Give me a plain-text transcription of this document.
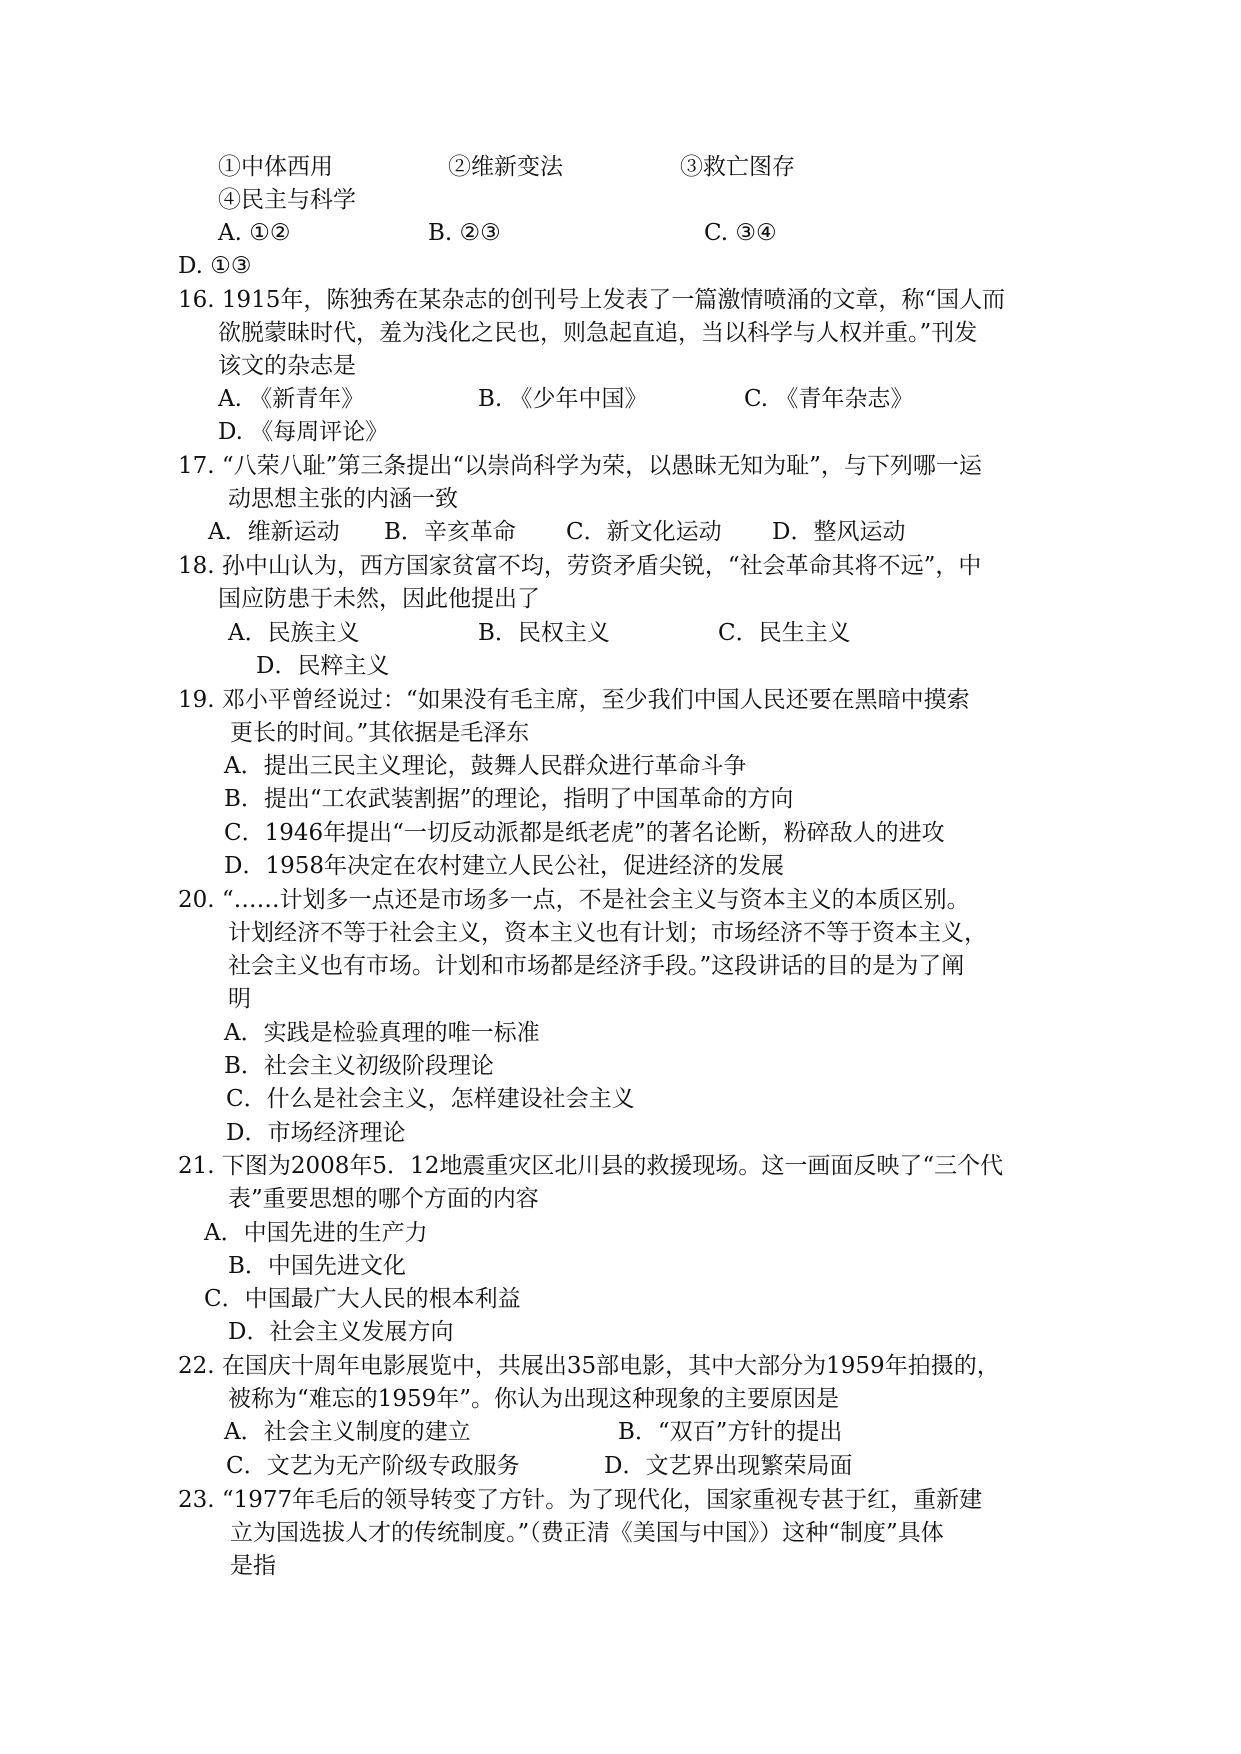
①中体西用	②维新变法	③救亡图存
④民主与科学
A. ①②	B. ②③	C. ③④
D. ①③
16. 1915年，陈独秀在某杂志的创刊号上发表了一篇激情喷涌的文章，称“国人而
欲脱蒙昧时代，羞为浅化之民也，则急起直追，当以科学与人权并重。”刊发
该文的杂志是
A. 《新青年》	B. 《少年中国》	C. 《青年杂志》
D. 《每周评论》
17. “八荣八耻”第三条提出“以崇尚科学为荣，以愚昧无知为耻”，与下列哪一运
动思想主张的内涵一致
A．维新运动 B．辛亥革命 C．新文化运动 D．整风运动
18. 孙中山认为，西方国家贫富不均，劳资矛盾尖锐，“社会革命其将不远”，中
国应防患于未然，因此他提出了
A．民族主义	B．民权主义	C．民生主义
D．民粹主义
19. 邓小平曾经说过：“如果没有毛主席，至少我们中国人民还要在黑暗中摸索
更长的时间。”其依据是毛泽东
A．提出三民主义理论，鼓舞人民群众进行革命斗争
B．提出“工农武装割据”的理论，指明了中国革命的方向
C．1946年提出“一切反动派都是纸老虎”的著名论断，粉碎敌人的进攻
D．1958年决定在农村建立人民公社，促进经济的发展
20. “……计划多一点还是市场多一点，不是社会主义与资本主义的本质区别。
计划经济不等于社会主义，资本主义也有计划；市场经济不等于资本主义，
社会主义也有市场。计划和市场都是经济手段。”这段讲话的目的是为了阐
明
A．实践是检验真理的唯一标准
B．社会主义初级阶段理论
C．什么是社会主义，怎样建设社会主义
D．市场经济理论
21. 下图为2008年5．12地震重灾区北川县的救援现场。这一画面反映了“三个代
表”重要思想的哪个方面的内容
A．中国先进的生产力
B．中国先进文化
C．中国最广大人民的根本利益
D．社会主义发展方向
22. 在国庆十周年电影展览中，共展出35部电影，其中大部分为1959年拍摄的，
被称为“难忘的1959年”。你认为出现这种现象的主要原因是
A．社会主义制度的建立	B．“双百”方针的提出
C．文艺为无产阶级专政服务	D．文艺界出现繁荣局面
23. “1977年毛后的领导转变了方针。为了现代化，国家重视专甚于红，重新建
立为国选拔人才的传统制度。”（费正清《美国与中国》）这种“制度”具体
是指
